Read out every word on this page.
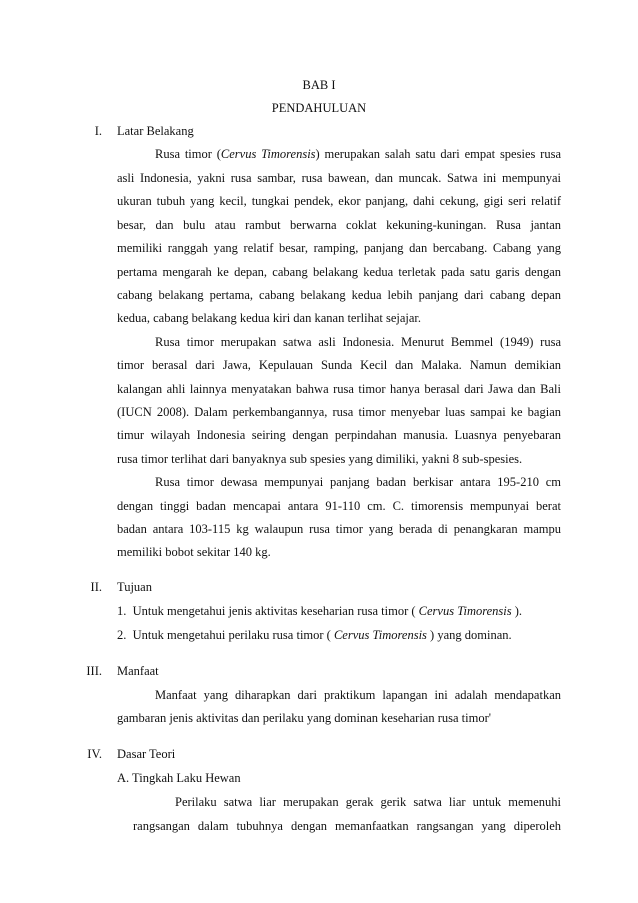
BAB I
PENDAHULUAN
I. Latar Belakang
Rusa timor (Cervus Timorensis) merupakan salah satu dari empat spesies rusa
asli Indonesia, yakni rusa sambar, rusa bawean, dan muncak. Satwa ini mempunyai
ukuran tubuh yang kecil, tungkai pendek, ekor panjang, dahi cekung, gigi seri relatif
besar, dan bulu atau rambut berwarna coklat kekuning-kuningan. Rusa jantan
memiliki ranggah yang relatif besar, ramping, panjang dan bercabang. Cabang yang
pertama mengarah ke depan, cabang belakang kedua terletak pada satu garis dengan
cabang belakang pertama, cabang belakang kedua lebih panjang dari cabang depan
kedua, cabang belakang kedua kiri dan kanan terlihat sejajar.
Rusa timor merupakan satwa asli Indonesia. Menurut Bemmel (1949) rusa
timor berasal dari Jawa, Kepulauan Sunda Kecil dan Malaka. Namun demikian
kalangan ahli lainnya menyatakan bahwa rusa timor hanya berasal dari Jawa dan Bali
(IUCN 2008). Dalam perkembangannya, rusa timor menyebar luas sampai ke bagian
timur wilayah Indonesia seiring dengan perpindahan manusia. Luasnya penyebaran
rusa timor terlihat dari banyaknya sub spesies yang dimiliki, yakni 8 sub-spesies.
Rusa timor dewasa mempunyai panjang badan berkisar antara 195-210 cm
dengan tinggi badan mencapai antara 91-110 cm. C. timorensis mempunyai berat
badan antara 103-115 kg walaupun rusa timor yang berada di penangkaran mampu
memiliki bobot sekitar 140 kg.
II. Tujuan
1.  Untuk mengetahui jenis aktivitas keseharian rusa timor ( Cervus Timorensis ).
2.  Untuk mengetahui perilaku rusa timor ( Cervus Timorensis ) yang dominan.
III. Manfaat
Manfaat yang diharapkan dari praktikum lapangan ini adalah mendapatkan
gambaran jenis aktivitas dan perilaku yang dominan keseharian rusa timor'
IV. Dasar Teori
A. Tingkah Laku Hewan
Perilaku satwa liar merupakan gerak gerik satwa liar untuk memenuhi
rangsangan dalam tubuhnya dengan memanfaatkan rangsangan yang diperoleh
